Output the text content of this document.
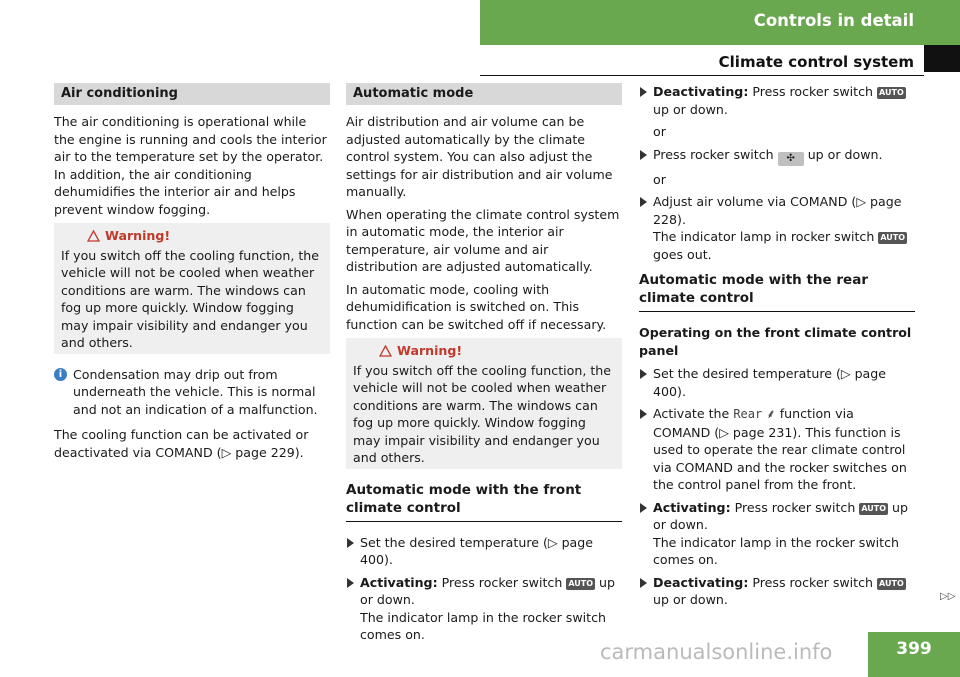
Controls in detail
Climate control system
Air conditioning

The air conditioning is operational while the engine is running and cools the interior air to the temperature set by the operator. In addition, the air conditioning dehumidifies the interior air and helps prevent window fogging.

Warning!
If you switch off the cooling function, the vehicle will not be cooled when weather conditions are warm. The windows can fog up more quickly. Window fogging may impair visibility and endanger you and others.
i Condensation may drip out from underneath the vehicle. This is normal and not an indication of a malfunction.

The cooling function can be activated or deactivated via COMAND (▷ page 229).

Automatic mode

Air distribution and air volume can be adjusted automatically by the climate control system. You can also adjust the settings for air distribution and air volume manually.

When operating the climate control system in automatic mode, the interior air temperature, air volume and air distribution are adjusted automatically.

In automatic mode, cooling with dehumidification is switched on. This function can be switched off if necessary.

Warning!
If you switch off the cooling function, the vehicle will not be cooled when weather conditions are warm. The windows can fog up more quickly. Window fogging may impair visibility and endanger you and others.
Automatic mode with the front climate control
Set the desired temperature (▷ page 400).
Activating: Press rocker switch AUTO up or down.
The indicator lamp in the rocker switch comes on.
Deactivating: Press rocker switch AUTO up or down.
or
Press rocker switch ✣ up or down.
or
Adjust air volume via COMAND (▷ page 228).
The indicator lamp in rocker switch AUTO
goes out.
Automatic mode with the rear climate control
Operating on the front climate control panel
Set the desired temperature (▷ page 400).
Activate the Rear ⸙ function via COMAND (▷ page 231). This function is used to operate the rear climate control via COMAND and the rocker switches on the control panel from the front.
Activating: Press rocker switch AUTO up or down.
The indicator lamp in the rocker switch comes on.
Deactivating: Press rocker switch AUTO up or down.	▷▷
399
carmanualsonline.info
